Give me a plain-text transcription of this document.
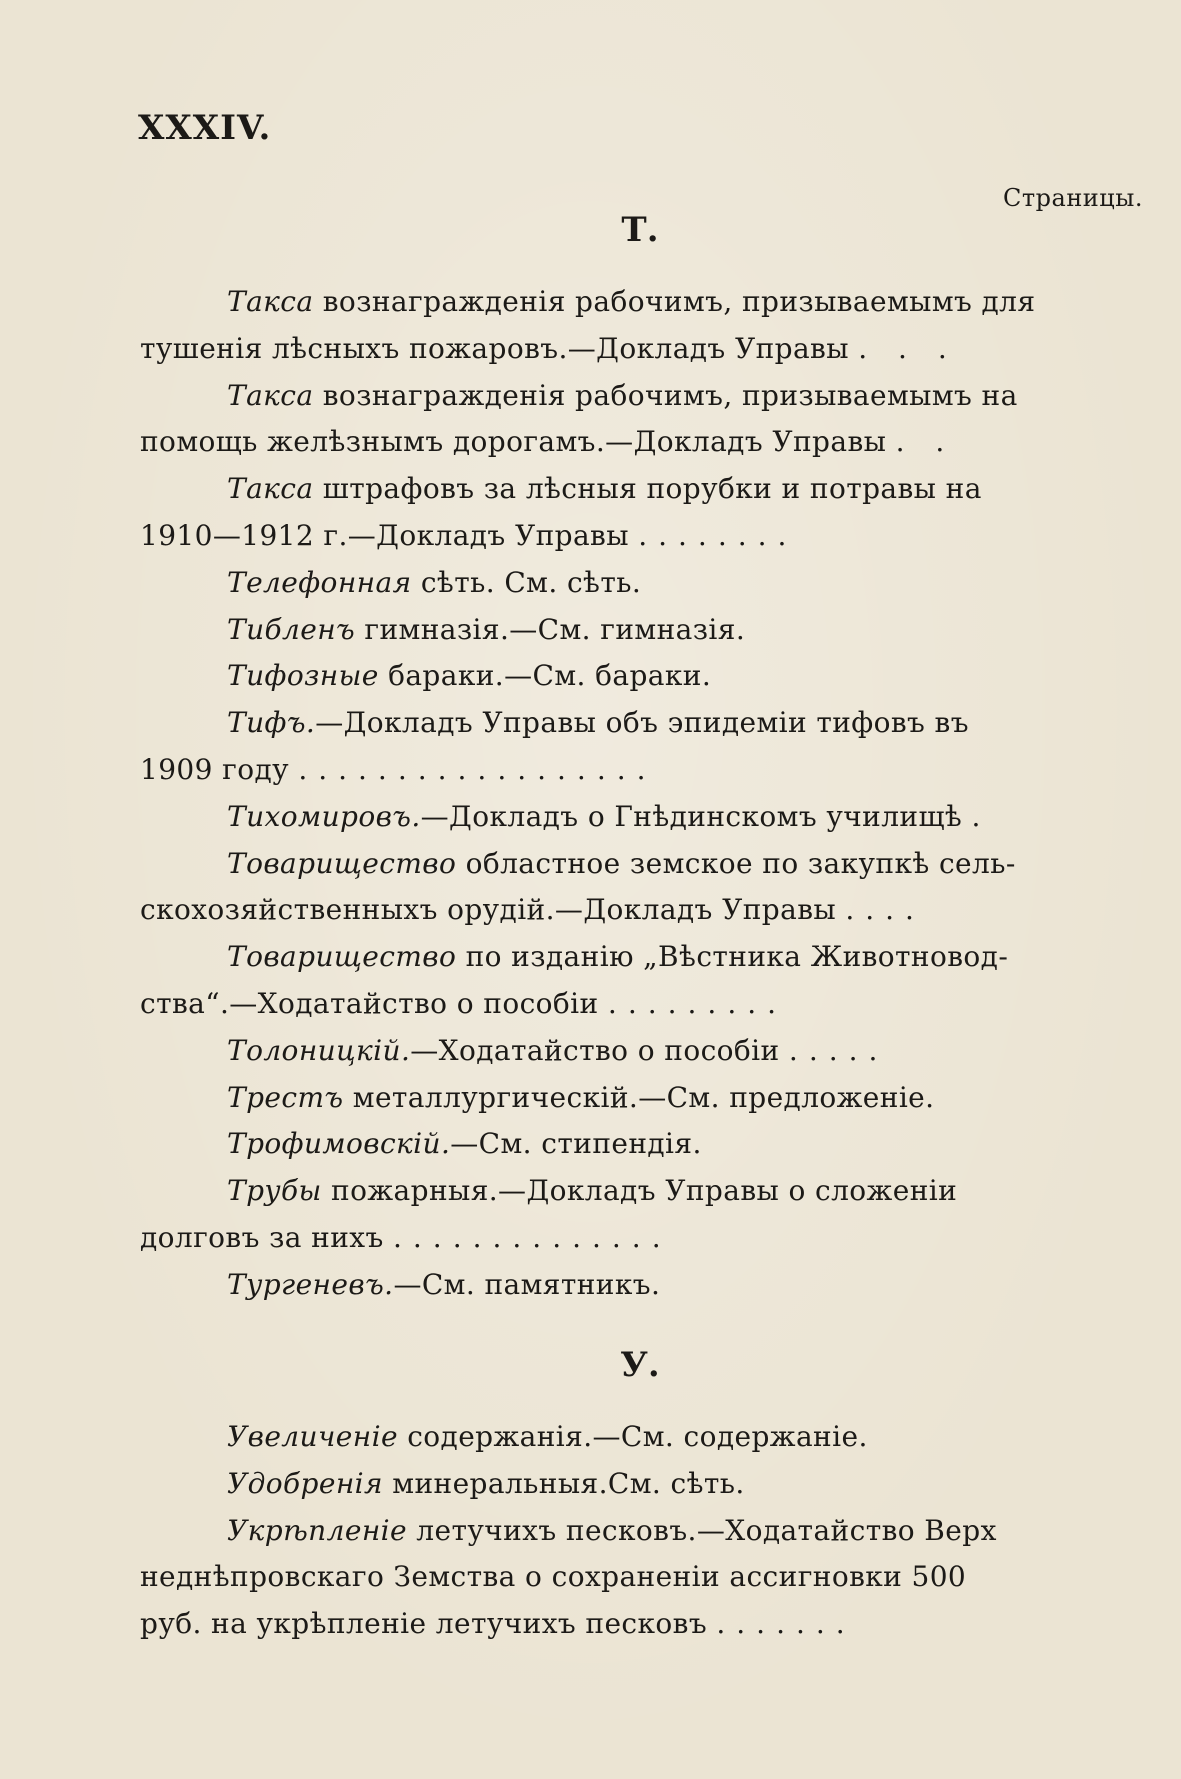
XXXIV.
Страницы.
Т.
Такса вознагражденія рабочимъ, призываемымъ для
тушенія лѣсныхъ пожаровъ.—Докладъ Управы . . .
Такса вознагражденія рабочимъ, призываемымъ на
помощь желѣзнымъ дорогамъ.—Докладъ Управы . .
Такса штрафовъ за лѣсныя порубки и потравы на
1910—1912 г.—Докладъ Управы ........
Телефонная сѣть. См. сѣть.
Тибленъ гимназія.—См. гимназія.
Тифозные бараки.—См. бараки.
Тифъ.—Докладъ Управы объ эпидеміи тифовъ въ
1909 году ..................
Тихомировъ.—Докладъ о Гнѣдинскомъ училищѣ .
Товарищество областное земское по закупкѣ сель-
скохозяйственныхъ орудій.—Докладъ Управы ....
Товарищество по изданію „Вѣстника Животновод-
ства“.—Ходатайство о пособіи .........
Толоницкій.—Ходатайство о пособіи .....
Трестъ металлургическій.—См. предложеніе.
Трофимовскій.—См. стипендія.
Трубы пожарныя.—Докладъ Управы о сложеніи
долговъ за нихъ ..............
Тургеневъ.—См. памятникъ.
У.
Увеличеніе содержанія.—См. содержаніе.
Удобренія минеральныя.См. сѣть.
Укрѣпленіе летучихъ песковъ.—Ходатайство Верх
неднѣпровскаго Земства о сохраненіи ассигновки 500
руб. на укрѣпленіе летучихъ песковъ .......
